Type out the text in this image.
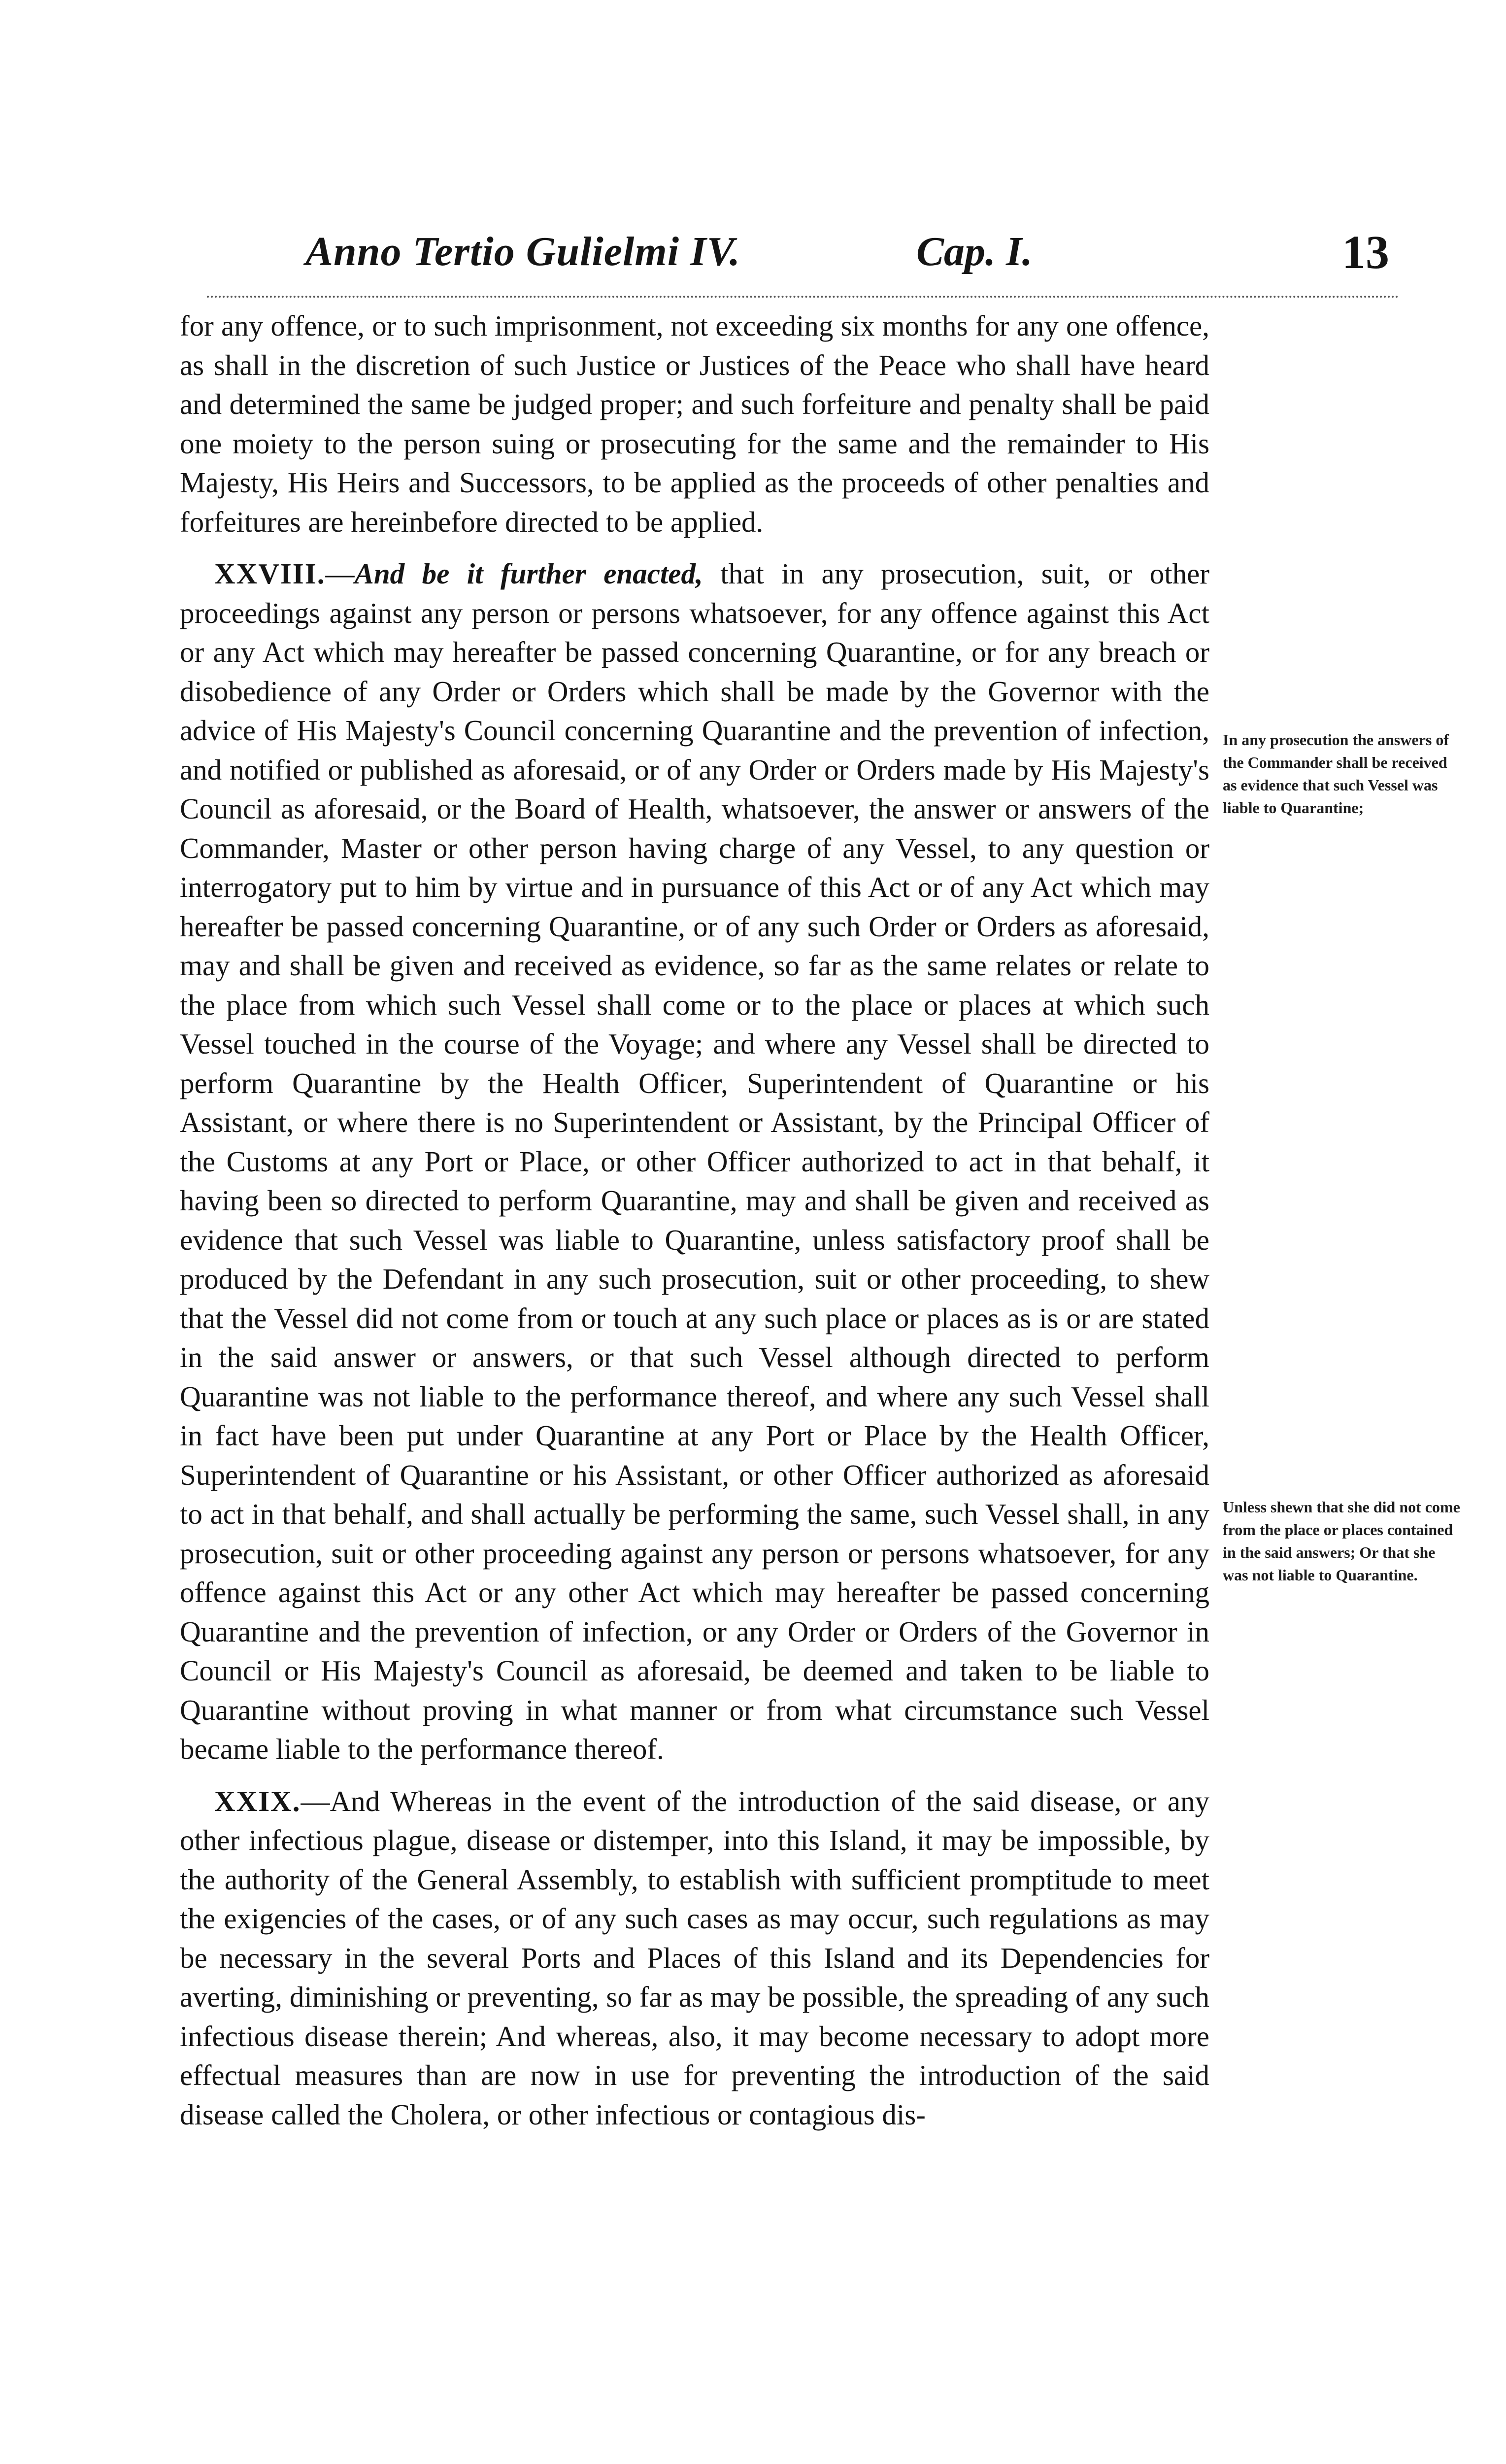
Anno Tertio Gulielmi IV.	Cap. I.	13

for any offence, or to such imprisonment, not exceeding six months for any one offence, as shall in the discretion of such Justice or Justices of the Peace who shall have heard and determined the same be judged proper; and such forfeiture and penalty shall be paid one moiety to the person suing or prosecuting for the same and the remainder to His Majesty, His Heirs and Successors, to be applied as the proceeds of other penalties and forfeitures are hereinbefore directed to be applied.

XXVIII.—And be it further enacted, that in any prosecution, suit, or other proceedings against any person or persons whatsoever, for any offence against this Act or any Act which may hereafter be passed concerning Quarantine, or for any breach or disobedience of any Order or Orders which shall be made by the Governor with the advice of His Majesty's Council concerning Quarantine and the prevention of infection, and notified or published as aforesaid, or of any Order or Orders made by His Majesty's Council as aforesaid, or the Board of Health, whatsoever, the answer or answers of the Commander, Master or other person having charge of any Vessel, to any question or interrogatory put to him by virtue and in pursuance of this Act or of any Act which may hereafter be passed concerning Quarantine, or of any such Order or Orders as aforesaid, may and shall be given and received as evidence, so far as the same relates or relate to the place from which such Vessel shall come or to the place or places at which such Vessel touched in the course of the Voyage; and where any Vessel shall be directed to perform Quarantine by the Health Officer, Superintendent of Quarantine or his Assistant, or where there is no Superintendent or Assistant, by the Principal Officer of the Customs at any Port or Place, or other Officer authorized to act in that behalf, it having been so directed to perform Quarantine, may and shall be given and received as evidence that such Vessel was liable to Quarantine, unless satisfactory proof shall be produced by the Defendant in any such prosecution, suit or other proceeding, to shew that the Vessel did not come from or touch at any such place or places as is or are stated in the said answer or answers, or that such Vessel although directed to perform Quarantine was not liable to the performance thereof, and where any such Vessel shall in fact have been put under Quarantine at any Port or Place by the Health Officer, Superintendent of Quarantine or his Assistant, or other Officer authorized as aforesaid to act in that behalf, and shall actually be performing the same, such Vessel shall, in any prosecution, suit or other proceeding against any person or persons whatsoever, for any offence against this Act or any other Act which may hereafter be passed concerning Quarantine and the prevention of infection, or any Order or Orders of the Governor in Council or His Majesty's Council as aforesaid, be deemed and taken to be liable to Quarantine without proving in what manner or from what circumstance such Vessel became liable to the performance thereof.

XXIX.—And Whereas in the event of the introduction of the said disease, or any other infectious plague, disease or distemper, into this Island, it may be impossible, by the authority of the General Assembly, to establish with sufficient promptitude to meet the exigencies of the cases, or of any such cases as may occur, such regulations as may be necessary in the several Ports and Places of this Island and its Dependencies for averting, diminishing or preventing, so far as may be possible, the spreading of any such infectious disease therein; And whereas, also, it may become necessary to adopt more effectual measures than are now in use for preventing the introduction of the said disease called the Cholera, or other infectious or contagious dis-

In any prosecution the answers of the Commander shall be received as evidence that such Vessel was liable to Quarantine;
Unless shewn that she did not come from the place or places contained in the said answers; Or that she was not liable to Quarantine.
